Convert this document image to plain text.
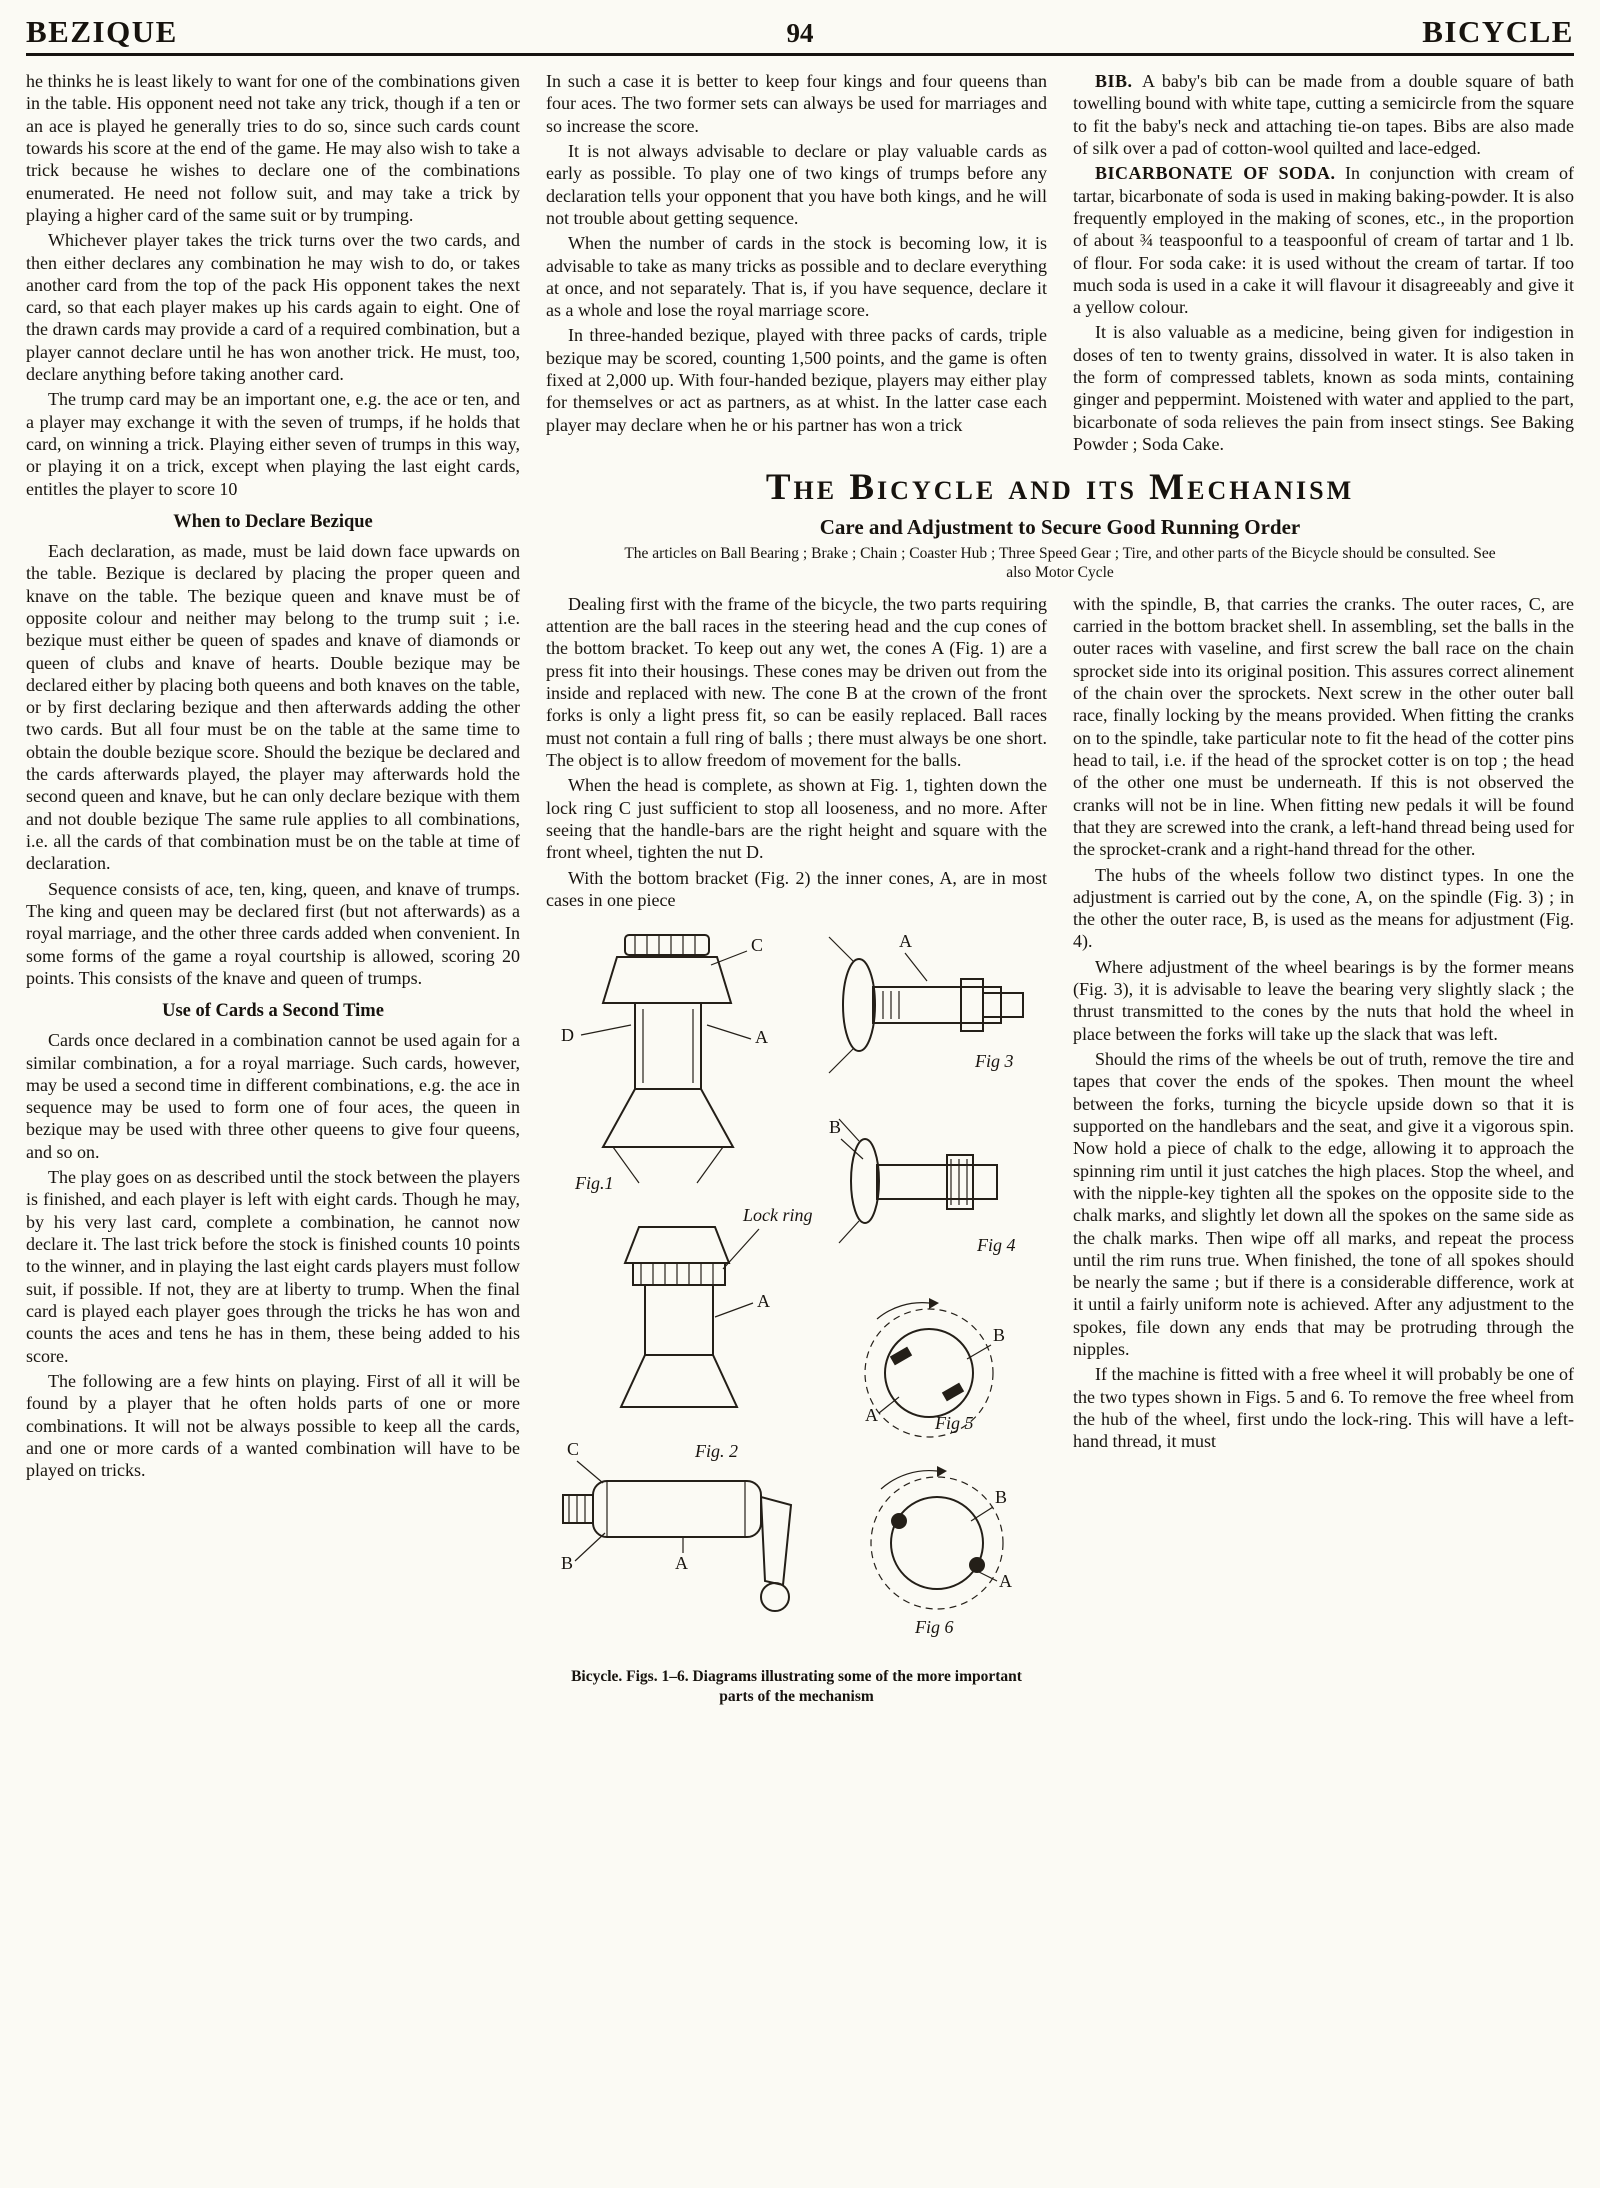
BEZIQUE	94	BICYCLE

he thinks he is least likely to want for one of the combinations given in the table. His opponent need not take any trick, though if a ten or an ace is played he generally tries to do so, since such cards count towards his score at the end of the game. He may also wish to take a trick because he wishes to declare one of the combinations enumerated. He need not follow suit, and may take a trick by playing a higher card of the same suit or by trumping.

Whichever player takes the trick turns over the two cards, and then either declares any combination he may wish to do, or takes another card from the top of the pack His opponent takes the next card, so that each player makes up his cards again to eight. One of the drawn cards may provide a card of a required combination, but a player cannot declare until he has won another trick. He must, too, declare anything before taking another card.

The trump card may be an important one, e.g. the ace or ten, and a player may exchange it with the seven of trumps, if he holds that card, on winning a trick. Playing either seven of trumps in this way, or playing it on a trick, except when playing the last eight cards, entitles the player to score 10

When to Declare Bezique

Each declaration, as made, must be laid down face upwards on the table. Bezique is declared by placing the proper queen and knave on the table. The bezique queen and knave must be of opposite colour and neither may belong to the trump suit ; i.e. bezique must either be queen of spades and knave of diamonds or queen of clubs and knave of hearts. Double bezique may be declared either by placing both queens and both knaves on the table, or by first declaring bezique and then afterwards adding the other two cards. But all four must be on the table at the same time to obtain the double bezique score. Should the bezique be declared and the cards afterwards played, the player may afterwards hold the second queen and knave, but he can only declare bezique with them and not double bezique The same rule applies to all combinations, i.e. all the cards of that combination must be on the table at time of declaration.

Sequence consists of ace, ten, king, queen, and knave of trumps. The king and queen may be declared first (but not afterwards) as a royal marriage, and the other three cards added when convenient. In some forms of the game a royal courtship is allowed, scoring 20 points. This consists of the knave and queen of trumps.

Use of Cards a Second Time

Cards once declared in a combination cannot be used again for a similar combination, a for a royal marriage. Such cards, however, may be used a second time in different combinations, e.g. the ace in sequence may be used to form one of four aces, the queen in bezique may be used with three other queens to give four queens, and so on.

The play goes on as described until the stock between the players is finished, and each player is left with eight cards. Though he may, by his very last card, complete a combination, he cannot now declare it. The last trick before the stock is finished counts 10 points to the winner, and in playing the last eight cards players must follow suit, if possible. If not, they are at liberty to trump. When the final card is played each player goes through the tricks he has won and counts the aces and tens he has in them, these being added to his score.

The following are a few hints on playing. First of all it will be found by a player that he often holds parts of one or more combinations. It will not be always possible to keep all the cards, and one or more cards of a wanted combination will have to be played on tricks.

In such a case it is better to keep four kings and four queens than four aces. The two former sets can always be used for marriages and so increase the score.

It is not always advisable to declare or play valuable cards as early as possible. To play one of two kings of trumps before any declaration tells your opponent that you have both kings, and he will not trouble about getting sequence.

When the number of cards in the stock is becoming low, it is advisable to take as many tricks as possible and to declare everything at once, and not separately. That is, if you have sequence, declare it as a whole and lose the royal marriage score.

In three-handed bezique, played with three packs of cards, triple bezique may be scored, counting 1,500 points, and the game is often fixed at 2,000 up. With four-handed bezique, players may either play for themselves or act as partners, as at whist. In the latter case each player may declare when he or his partner has won a trick

BIB. A baby's bib can be made from a double square of bath towelling bound with white tape, cutting a semicircle from the square to fit the baby's neck and attaching tie-on tapes. Bibs are also made of silk over a pad of cotton-wool quilted and lace-edged.

BICARBONATE OF SODA. In conjunction with cream of tartar, bicarbonate of soda is used in making baking-powder. It is also frequently employed in the making of scones, etc., in the proportion of about ¾ teaspoonful to a teaspoonful of cream of tartar and 1 lb. of flour. For soda cake: it is used without the cream of tartar. If too much soda is used in a cake it will flavour it disagreeably and give it a yellow colour.

It is also valuable as a medicine, being given for indigestion in doses of ten to twenty grains, dissolved in water. It is also taken in the form of compressed tablets, known as soda mints, containing ginger and peppermint. Moistened with water and applied to the part, bicarbonate of soda relieves the pain from insect stings. See Baking Powder ; Soda Cake.

The Bicycle and its Mechanism
Care and Adjustment to Secure Good Running Order
The articles on Ball Bearing ; Brake ; Chain ; Coaster Hub ; Three Speed Gear ; Tire, and other parts of the Bicycle should be consulted. See also Motor Cycle

Dealing first with the frame of the bicycle, the two parts requiring attention are the ball races in the steering head and the cup cones of the bottom bracket. To keep out any wet, the cones A (Fig. 1) are a press fit into their housings. These cones may be driven out from the inside and replaced with new. The cone B at the crown of the front forks is only a light press fit, so can be easily replaced. Ball races must not contain a full ring of balls ; there must always be one short. The object is to allow freedom of movement for the balls.

When the head is complete, as shown at Fig. 1, tighten down the lock ring C just sufficient to stop all looseness, and no more. After seeing that the handle-bars are the right height and square with the front wheel, tighten the nut D.

With the bottom bracket (Fig. 2) the inner cones, A, are in most cases in one piece

C
D	A
Fig.1
A
Fig 3
Lock ring
A
B
Fig 4
C
B	A
Fig. 2
B
A	Fig 5
B
A
Fig 6
Bicycle. Figs. 1–6. Diagrams illustrating some of the more important parts of the mechanism

with the spindle, B, that carries the cranks. The outer races, C, are carried in the bottom bracket shell. In assembling, set the balls in the outer races with vaseline, and first screw the ball race on the chain sprocket side into its original position. This assures correct alinement of the chain over the sprockets. Next screw in the other outer ball race, finally locking by the means provided. When fitting the cranks on to the spindle, take particular note to fit the head of the cotter pins head to tail, i.e. if the head of the sprocket cotter is on top ; the head of the other one must be underneath. If this is not observed the cranks will not be in line. When fitting new pedals it will be found that they are screwed into the crank, a left-hand thread being used for the sprocket-crank and a right-hand thread for the other.

The hubs of the wheels follow two distinct types. In one the adjustment is carried out by the cone, A, on the spindle (Fig. 3) ; in the other the outer race, B, is used as the means for adjustment (Fig. 4).

Where adjustment of the wheel bearings is by the former means (Fig. 3), it is advisable to leave the bearing very slightly slack ; the thrust transmitted to the cones by the nuts that hold the wheel in place between the forks will take up the slack that was left.

Should the rims of the wheels be out of truth, remove the tire and tapes that cover the ends of the spokes. Then mount the wheel between the forks, turning the bicycle upside down so that it is supported on the handlebars and the seat, and give it a vigorous spin. Now hold a piece of chalk to the edge, allowing it to approach the spinning rim until it just catches the high places. Stop the wheel, and with the nipple-key tighten all the spokes on the opposite side to the chalk marks, and slightly let down all the spokes on the same side as the chalk marks. Then wipe off all marks, and repeat the process until the rim runs true. When finished, the tone of all spokes should be nearly the same ; but if there is a considerable difference, work at it until a fairly uniform note is achieved. After any adjustment to the spokes, file down any ends that may be protruding through the nipples.

If the machine is fitted with a free wheel it will probably be one of the two types shown in Figs. 5 and 6. To remove the free wheel from the hub of the wheel, first undo the lock-ring. This will have a left-hand thread, it must
